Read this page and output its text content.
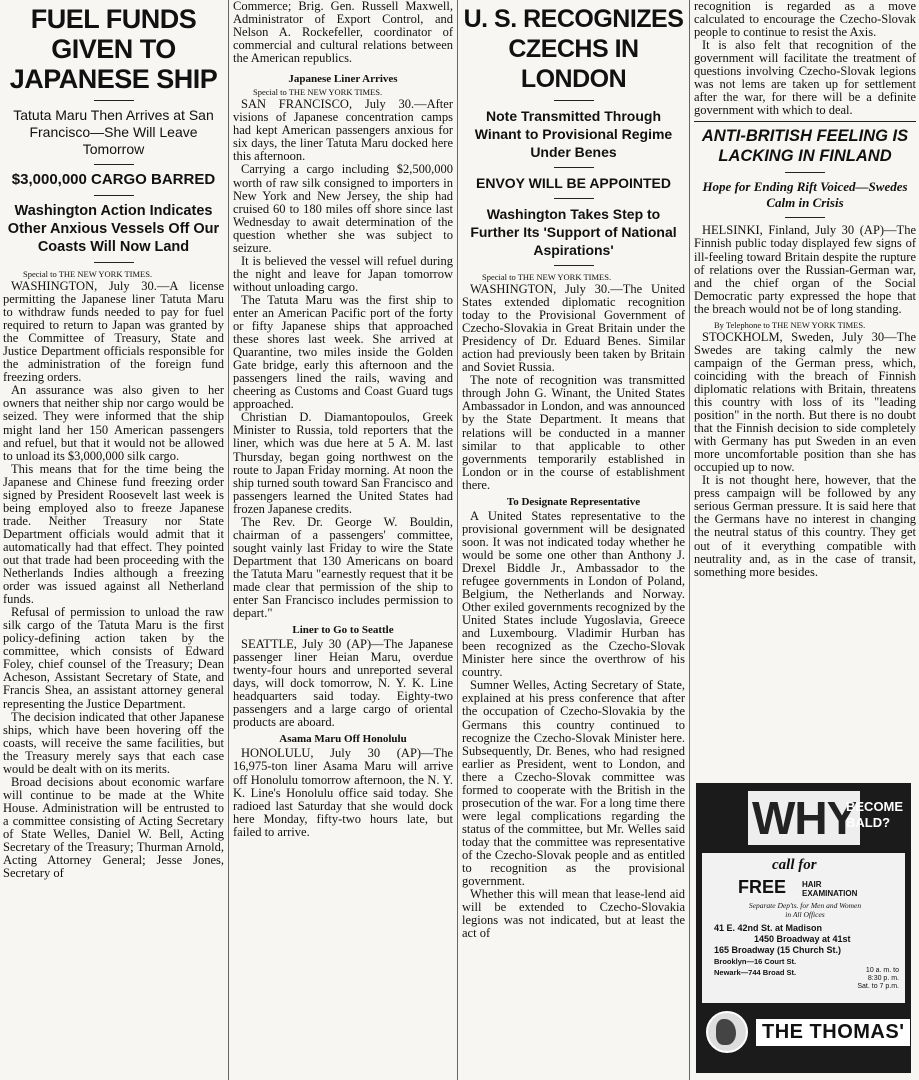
FUEL FUNDS GIVEN TO JAPANESE SHIP
Tatuta Maru Then Arrives at San Francisco—She Will Leave Tomorrow
$3,000,000 CARGO BARRED
Washington Action Indicates Other Anxious Vessels Off Our Coasts Will Now Land
Special to THE NEW YORK TIMES.

WASHINGTON, July 30.—A license permitting the Japanese liner Tatuta Maru to withdraw funds needed to pay for fuel required to return to Japan was granted by the Committee of Treasury, State and Justice Department officials responsible for the administration of the foreign fund freezing orders.

An assurance was also given to her owners that neither ship nor cargo would be seized. They were informed that the ship might land her 150 American passengers and refuel, but that it would not be allowed to unload its $3,000,000 silk cargo.

This means that for the time being the Japanese and Chinese fund freezing order signed by President Roosevelt last week is being employed also to freeze Japanese trade. Neither Treasury nor State Department officials would admit that it automatically had that effect. They pointed out that trade had been proceeding with the Netherlands Indies although a freezing order was issued against all Netherland funds.

Refusal of permission to unload the raw silk cargo of the Tatuta Maru is the first policy-defining action taken by the committee, which consists of Edward Foley, chief counsel of the Treasury; Dean Acheson, Assistant Secretary of State, and Francis Shea, an assistant attorney general representing the Justice Department.

The decision indicated that other Japanese ships, which have been hovering off the coasts, will receive the same facilities, but the Treasury merely says that each case would be dealt with on its merits.

Broad decisions about economic warfare will continue to be made at the White House. Administration will be entrusted to a committee consisting of Acting Secretary of State Welles, Daniel W. Bell, Acting Secretary of the Treasury; Thurman Arnold, Acting Attorney General; Jesse Jones, Secretary of

Commerce; Brig. Gen. Russell Maxwell, Administrator of Export Control, and Nelson A. Rockefeller, coordinator of commercial and cultural relations between the American republics.

Japanese Liner Arrives
Special to THE NEW YORK TIMES.

SAN FRANCISCO, July 30.—After visions of Japanese concentration camps had kept American passengers anxious for six days, the liner Tatuta Maru docked here this afternoon.

Carrying a cargo including $2,500,000 worth of raw silk consigned to importers in New York and New Jersey, the ship had cruised 60 to 180 miles off shore since last Wednesday to await determination of the question whether she was subject to seizure.

It is believed the vessel will refuel during the night and leave for Japan tomorrow without unloading cargo.

The Tatuta Maru was the first ship to enter an American Pacific port of the forty or fifty Japanese ships that approached these shores last week. She arrived at Quarantine, two miles inside the Golden Gate bridge, early this afternoon and the passengers lined the rails, waving and cheering as Customs and Coast Guard tugs approached.

Christian D. Diamantopoulos, Greek Minister to Russia, told reporters that the liner, which was due here at 5 A. M. last Thursday, began going northwest on the route to Japan Friday morning. At noon the ship turned south toward San Francisco and passengers learned the United States had frozen Japanese credits.

The Rev. Dr. George W. Bouldin, chairman of a passengers' committee, sought vainly last Friday to wire the State Department that 130 Americans on board the Tatuta Maru "earnestly request that it be made clear that permission of the ship to enter San Francisco includes permission to depart."

Liner to Go to Seattle

SEATTLE, July 30 (AP)—The Japanese passenger liner Heian Maru, overdue twenty-four hours and unreported several days, will dock tomorrow, N. Y. K. Line headquarters said today. Eighty-two passengers and a large cargo of oriental products are aboard.

Asama Maru Off Honolulu

HONOLULU, July 30 (AP)—The 16,975-ton liner Asama Maru will arrive off Honolulu tomorrow afternoon, the N. Y. K. Line's Honolulu office said today. She radioed last Saturday that she would dock here Monday, fifty-two hours late, but failed to arrive.

U. S. RECOGNIZES CZECHS IN LONDON
Note Transmitted Through Winant to Provisional Regime Under Benes
ENVOY WILL BE APPOINTED
Washington Takes Step to Further Its 'Support of National Aspirations'
Special to THE NEW YORK TIMES.

WASHINGTON, July 30.—The United States extended diplomatic recognition today to the Provisional Government of Czecho-Slovakia in Great Britain under the Presidency of Dr. Eduard Benes. Similar action had previously been taken by Britain and Soviet Russia.

The note of recognition was transmitted through John G. Winant, the United States Ambassador in London, and was announced by the State Department. It means that relations will be conducted in a manner similar to that applicable to other governments temporarily established in London or in the course of establishment there.

To Designate Representative

A United States representative to the provisional government will be designated soon. It was not indicated today whether he would be some one other than Anthony J. Drexel Biddle Jr., Ambassador to the refugee governments in London of Poland, Belgium, the Netherlands and Norway. Other exiled governments recognized by the United States include Yugoslavia, Greece and Luxembourg. Vladimir Hurban has been recognized as the Czecho-Slovak Minister here since the overthrow of his country.

Sumner Welles, Acting Secretary of State, explained at his press conference that after the occupation of Czecho-Slovakia by the Germans this country continued to recognize the Czecho-Slovak Minister here. Subsequently, Dr. Benes, who had resigned earlier as President, went to London, and there a Czecho-Slovak committee was formed to cooperate with the British in the prosecution of the war. For a long time there were legal complications regarding the status of the committee, but Mr. Welles said today that the committee was representative of the Czecho-Slovak people and as entitled to recognition as the provisional government.

Whether this will mean that lease-lend aid will be extended to Czecho-Slovakia legions was not indicated, but at least the act of

recognition is regarded as a move calculated to encourage the Czecho-Slovak people to continue to resist the Axis.

It is also felt that recognition of the government will facilitate the treatment of questions involving Czecho-Slovak legions was not lems are taken up for settlement after the war, for there will be a definite government with which to deal.

ANTI-BRITISH FEELING IS LACKING IN FINLAND
Hope for Ending Rift Voiced—Swedes Calm in Crisis

HELSINKI, Finland, July 30 (AP)—The Finnish public today displayed few signs of ill-feeling toward Britain despite the rupture of relations over the Russian-German war, and the chief organ of the Social Democratic party expressed the hope that the breach would not be of long standing.

By Telephone to THE NEW YORK TIMES.

STOCKHOLM, Sweden, July 30—The Swedes are taking calmly the new campaign of the German press, which, coinciding with the breach of Finnish diplomatic relations with Britain, threatens this country with loss of its "leading position" in the north. But there is no doubt that the Finnish decision to side completely with Germany has put Sweden in an even more uncomfortable position than she has occupied up to now.

It is not thought here, however, that the press campaign will be followed by any serious German pressure. It is said here that the Germans have no interest in changing the neutral status of this country. They get out of it everything compatible with neutrality and, as in the case of transit, something more besides.

WHY
BECOME
BALD?
call for
FREE HAIR
EXAMINATION
Separate Dep'ts. for Men and Women
in All Offices
41 E. 42nd St. at Madison
1450 Broadway at 41st
165 Broadway (15 Church St.)
Brooklyn—16 Court St.
Newark—744 Broad St.	10 a. m. to
8:30 p. m.
Sat. to 7 p.m.
THE THOMAS'
